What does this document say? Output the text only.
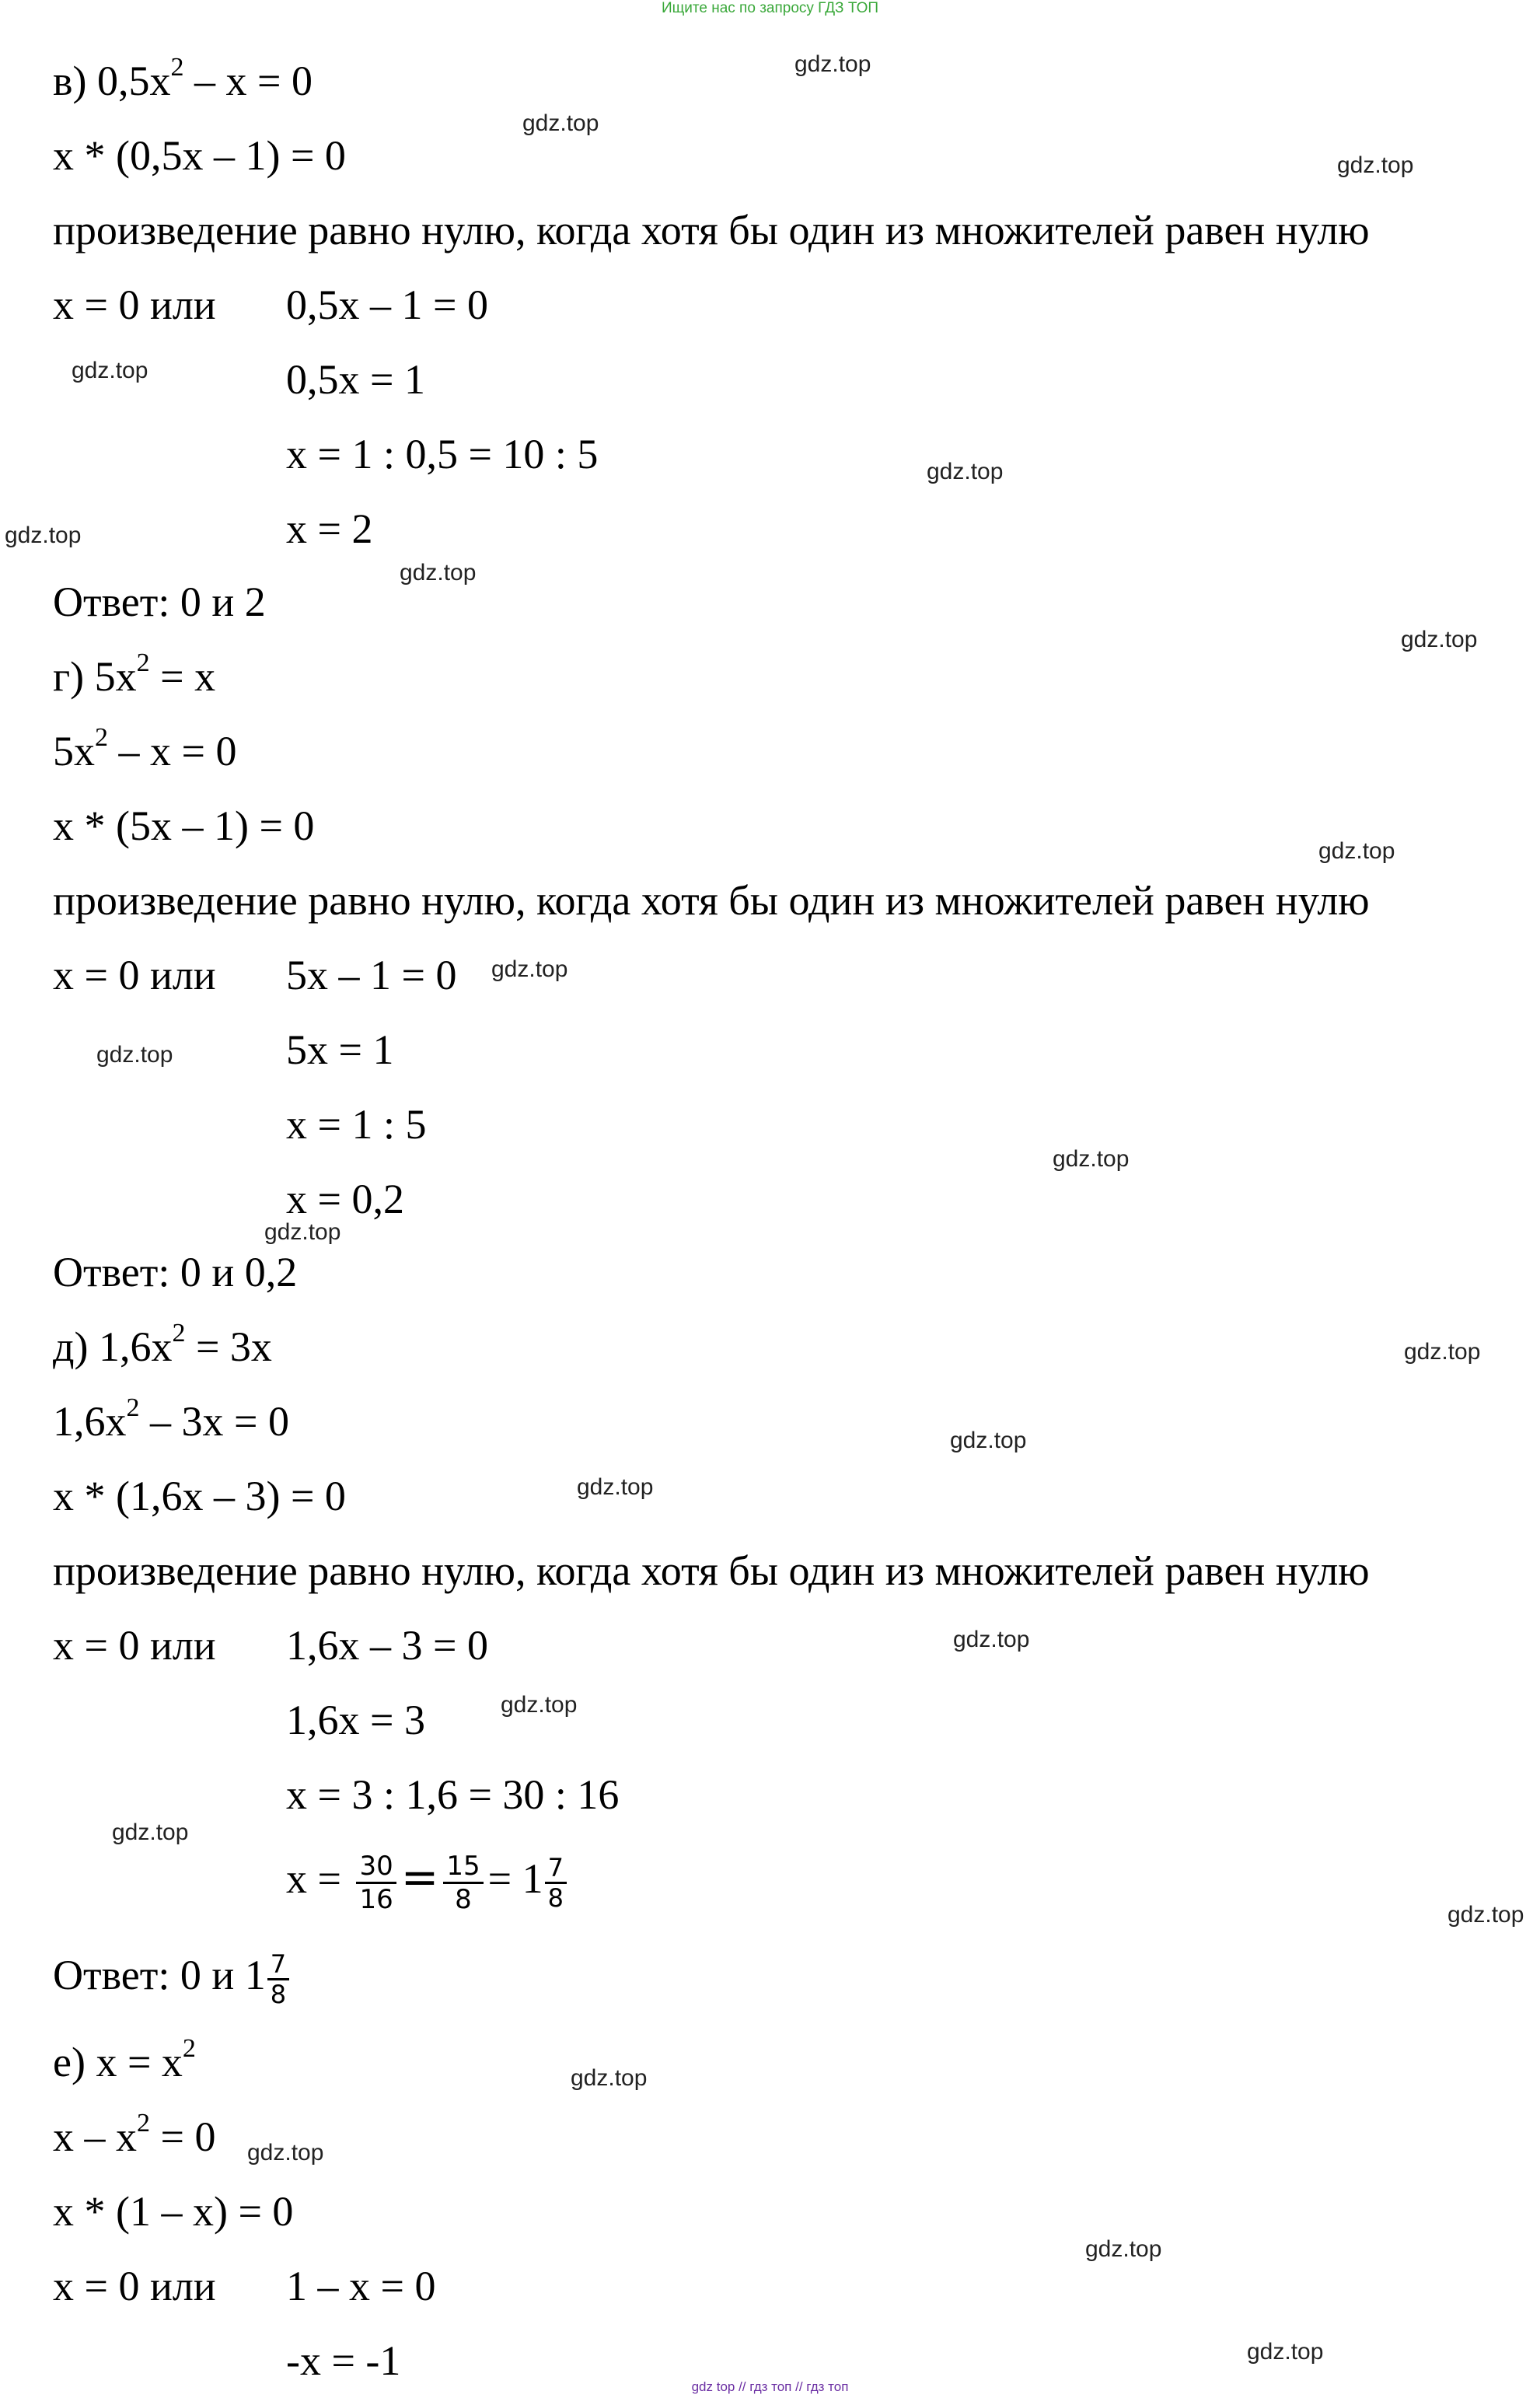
Ищите нас по запросу ГДЗ ТОП
в) $0,5x^2 - x = 0$
x * (0,5x – 1) = 0
произведение равно нулю, когда хотя бы один из множителей равен нулю
x = 0 или 0,5x – 1 = 0
0,5x = 1
x = 1 : 0,5 = 10 : 5
x = 2
Ответ: 0 и 2
г) $5x^2 = x$
$5x^2 - x = 0$
x * (5x – 1) = 0
произведение равно нулю, когда хотя бы один из множителей равен нулю
x = 0 или 5x – 1 = 0
5x = 1
x = 1 : 5
x = 0,2
Ответ: 0 и 0,2
д) $1,6x^2 = 3x$
$1,6x^2 - 3x = 0$
x * (1,6x – 3) = 0
произведение равно нулю, когда хотя бы один из множителей равен нулю
x = 0 или 1,6x – 3 = 0
1,6x = 3
x = 3 : 1,6 = 30 : 16
$x = \frac{30}{16} = \frac{15}{8} = 1 \frac{7}{8}$
Ответ: 0 и $1 \frac{7}{8}$
е) $x = x^2$
$x - x^2 = 0$
x * (1 – x) = 0
x = 0 или 1 – x = 0
-x = -1
gdz.top
gdz.top
gdz.top
gdz.top
gdz.top
gdz.top
gdz.top
gdz.top
gdz.top
gdz.top
gdz.top
gdz.top
gdz.top
gdz.top
gdz.top
gdz.top
gdz.top
gdz.top
gdz.top
gdz.top
gdz.top
gdz.top
gdz.top
gdz.top
gdz top // гдз топ // гдз топ
